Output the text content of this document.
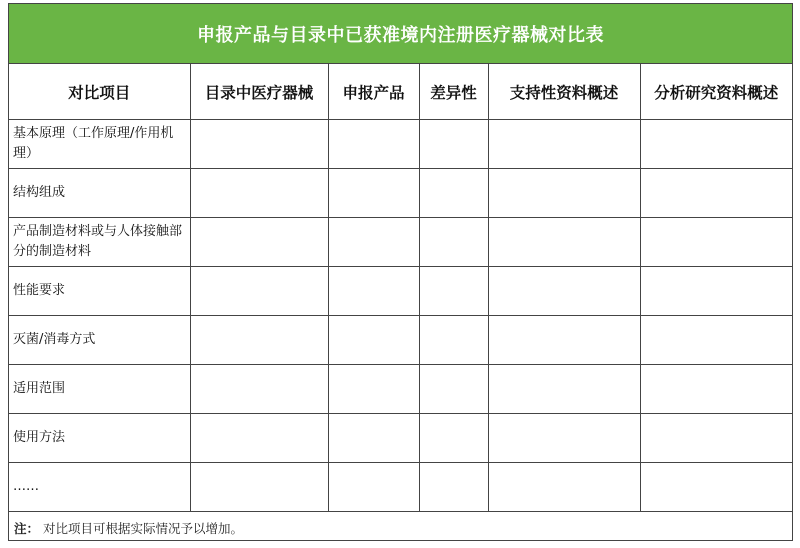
申报产品与目录中已获准境内注册医疗器械对比表
对比项目	目录中医疗器械	申报产品	差异性	支持性资料概述	分析研究资料概述
基本原理（工作原理/作用机理）					
结构组成					
产品制造材料或与人体接触部分的制造材料					
性能要求					
灭菌/消毒方式					
适用范围					
使用方法					
……					
注： 对比项目可根据实际情况予以增加。
